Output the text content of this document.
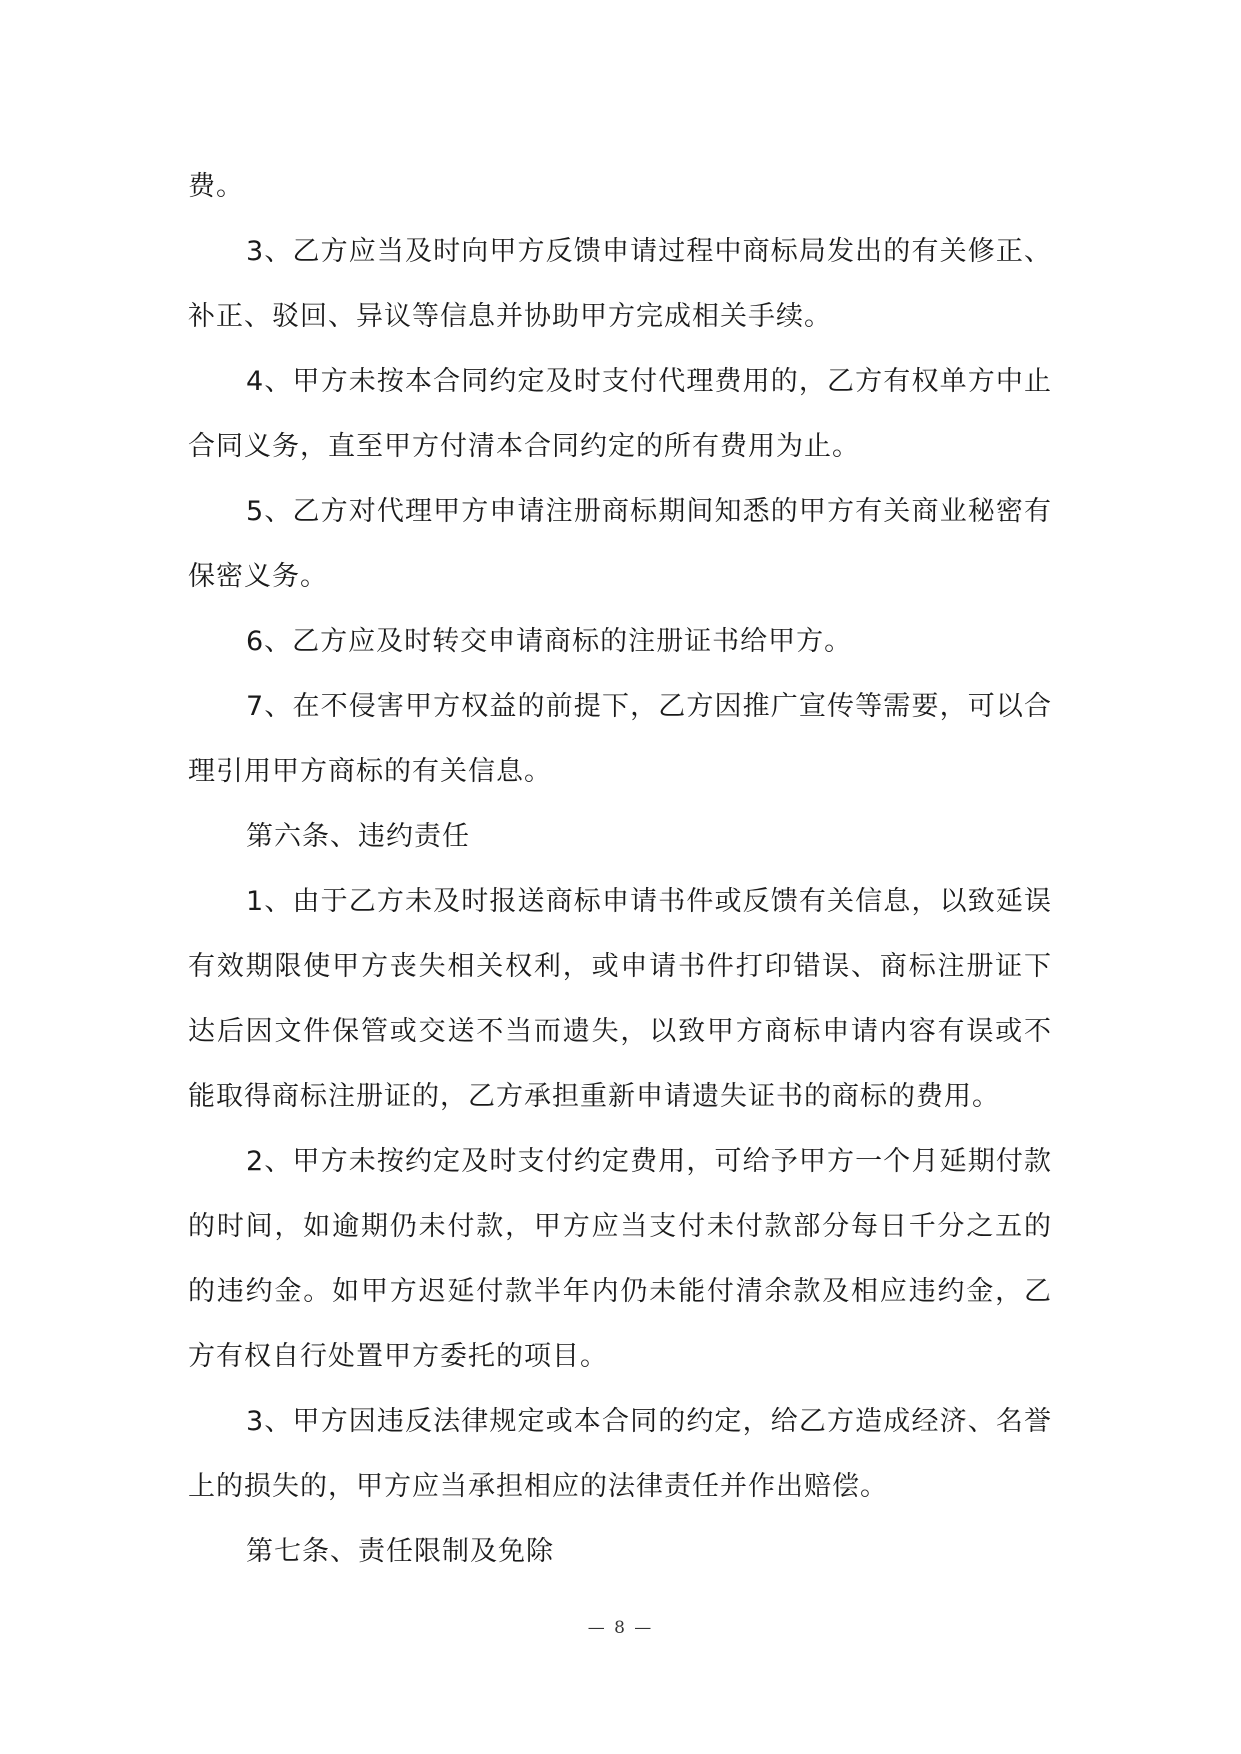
费。

3、乙方应当及时向甲方反馈申请过程中商标局发出的有关修正、补正、驳回、异议等信息并协助甲方完成相关手续。

4、甲方未按本合同约定及时支付代理费用的，乙方有权单方中止合同义务，直至甲方付清本合同约定的所有费用为止。

5、乙方对代理甲方申请注册商标期间知悉的甲方有关商业秘密有保密义务。

6、乙方应及时转交申请商标的注册证书给甲方。

7、在不侵害甲方权益的前提下，乙方因推广宣传等需要，可以合理引用甲方商标的有关信息。

第六条、违约责任

1、由于乙方未及时报送商标申请书件或反馈有关信息，以致延误有效期限使甲方丧失相关权利，或申请书件打印错误、商标注册证下达后因文件保管或交送不当而遗失，以致甲方商标申请内容有误或不能取得商标注册证的，乙方承担重新申请遗失证书的商标的费用。

2、甲方未按约定及时支付约定费用，可给予甲方一个月延期付款的时间，如逾期仍未付款，甲方应当支付未付款部分每日千分之五的的违约金。如甲方迟延付款半年内仍未能付清余款及相应违约金，乙方有权自行处置甲方委托的项目。

3、甲方因违反法律规定或本合同的约定，给乙方造成经济、名誉上的损失的，甲方应当承担相应的法律责任并作出赔偿。

第七条、责任限制及免除

— 8 —
